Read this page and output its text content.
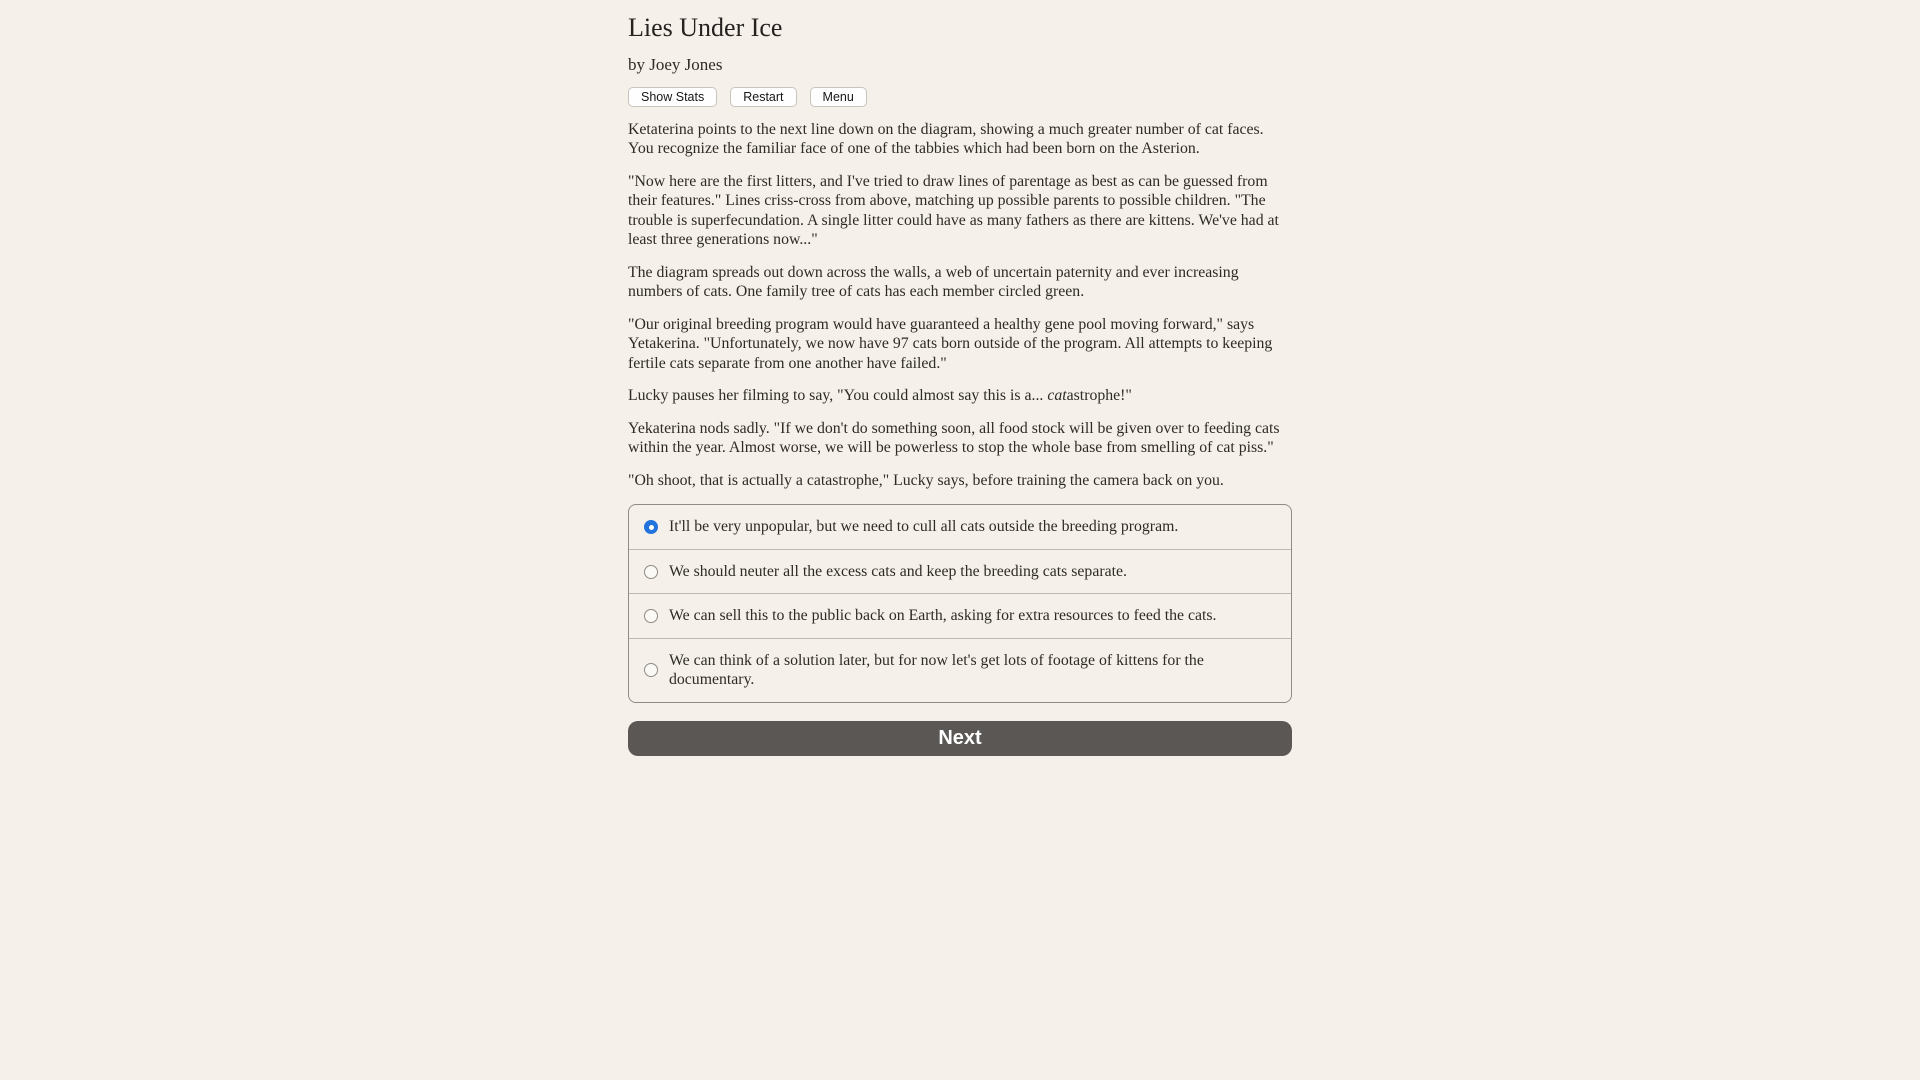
Lies Under Ice

by Joey Jones

Show Stats	Restart	Menu

Ketaterina points to the next line down on the diagram, showing a much greater number of cat faces. You recognize the familiar face of one of the tabbies which had been born on the Asterion.

"Now here are the first litters, and I've tried to draw lines of parentage as best as can be guessed from their features." Lines criss-cross from above, matching up possible parents to possible children. "The trouble is superfecundation. A single litter could have as many fathers as there are kittens. We've had at least three generations now..."

The diagram spreads out down across the walls, a web of uncertain paternity and ever increasing numbers of cats. One family tree of cats has each member circled green.

"Our original breeding program would have guaranteed a healthy gene pool moving forward," says Yetakerina. "Unfortunately, we now have 97 cats born outside of the program. All attempts to keeping fertile cats separate from one another have failed."

Lucky pauses her filming to say, "You could almost say this is a... catastrophe!"

Yekaterina nods sadly. "If we don't do something soon, all food stock will be given over to feeding cats within the year. Almost worse, we will be powerless to stop the whole base from smelling of cat piss."

"Oh shoot, that is actually a catastrophe," Lucky says, before training the camera back on you.

It'll be very unpopular, but we need to cull all cats outside the breeding program.
We should neuter all the excess cats and keep the breeding cats separate.
We can sell this to the public back on Earth, asking for extra resources to feed the cats.
We can think of a solution later, but for now let's get lots of footage of kittens for the documentary.
Next
